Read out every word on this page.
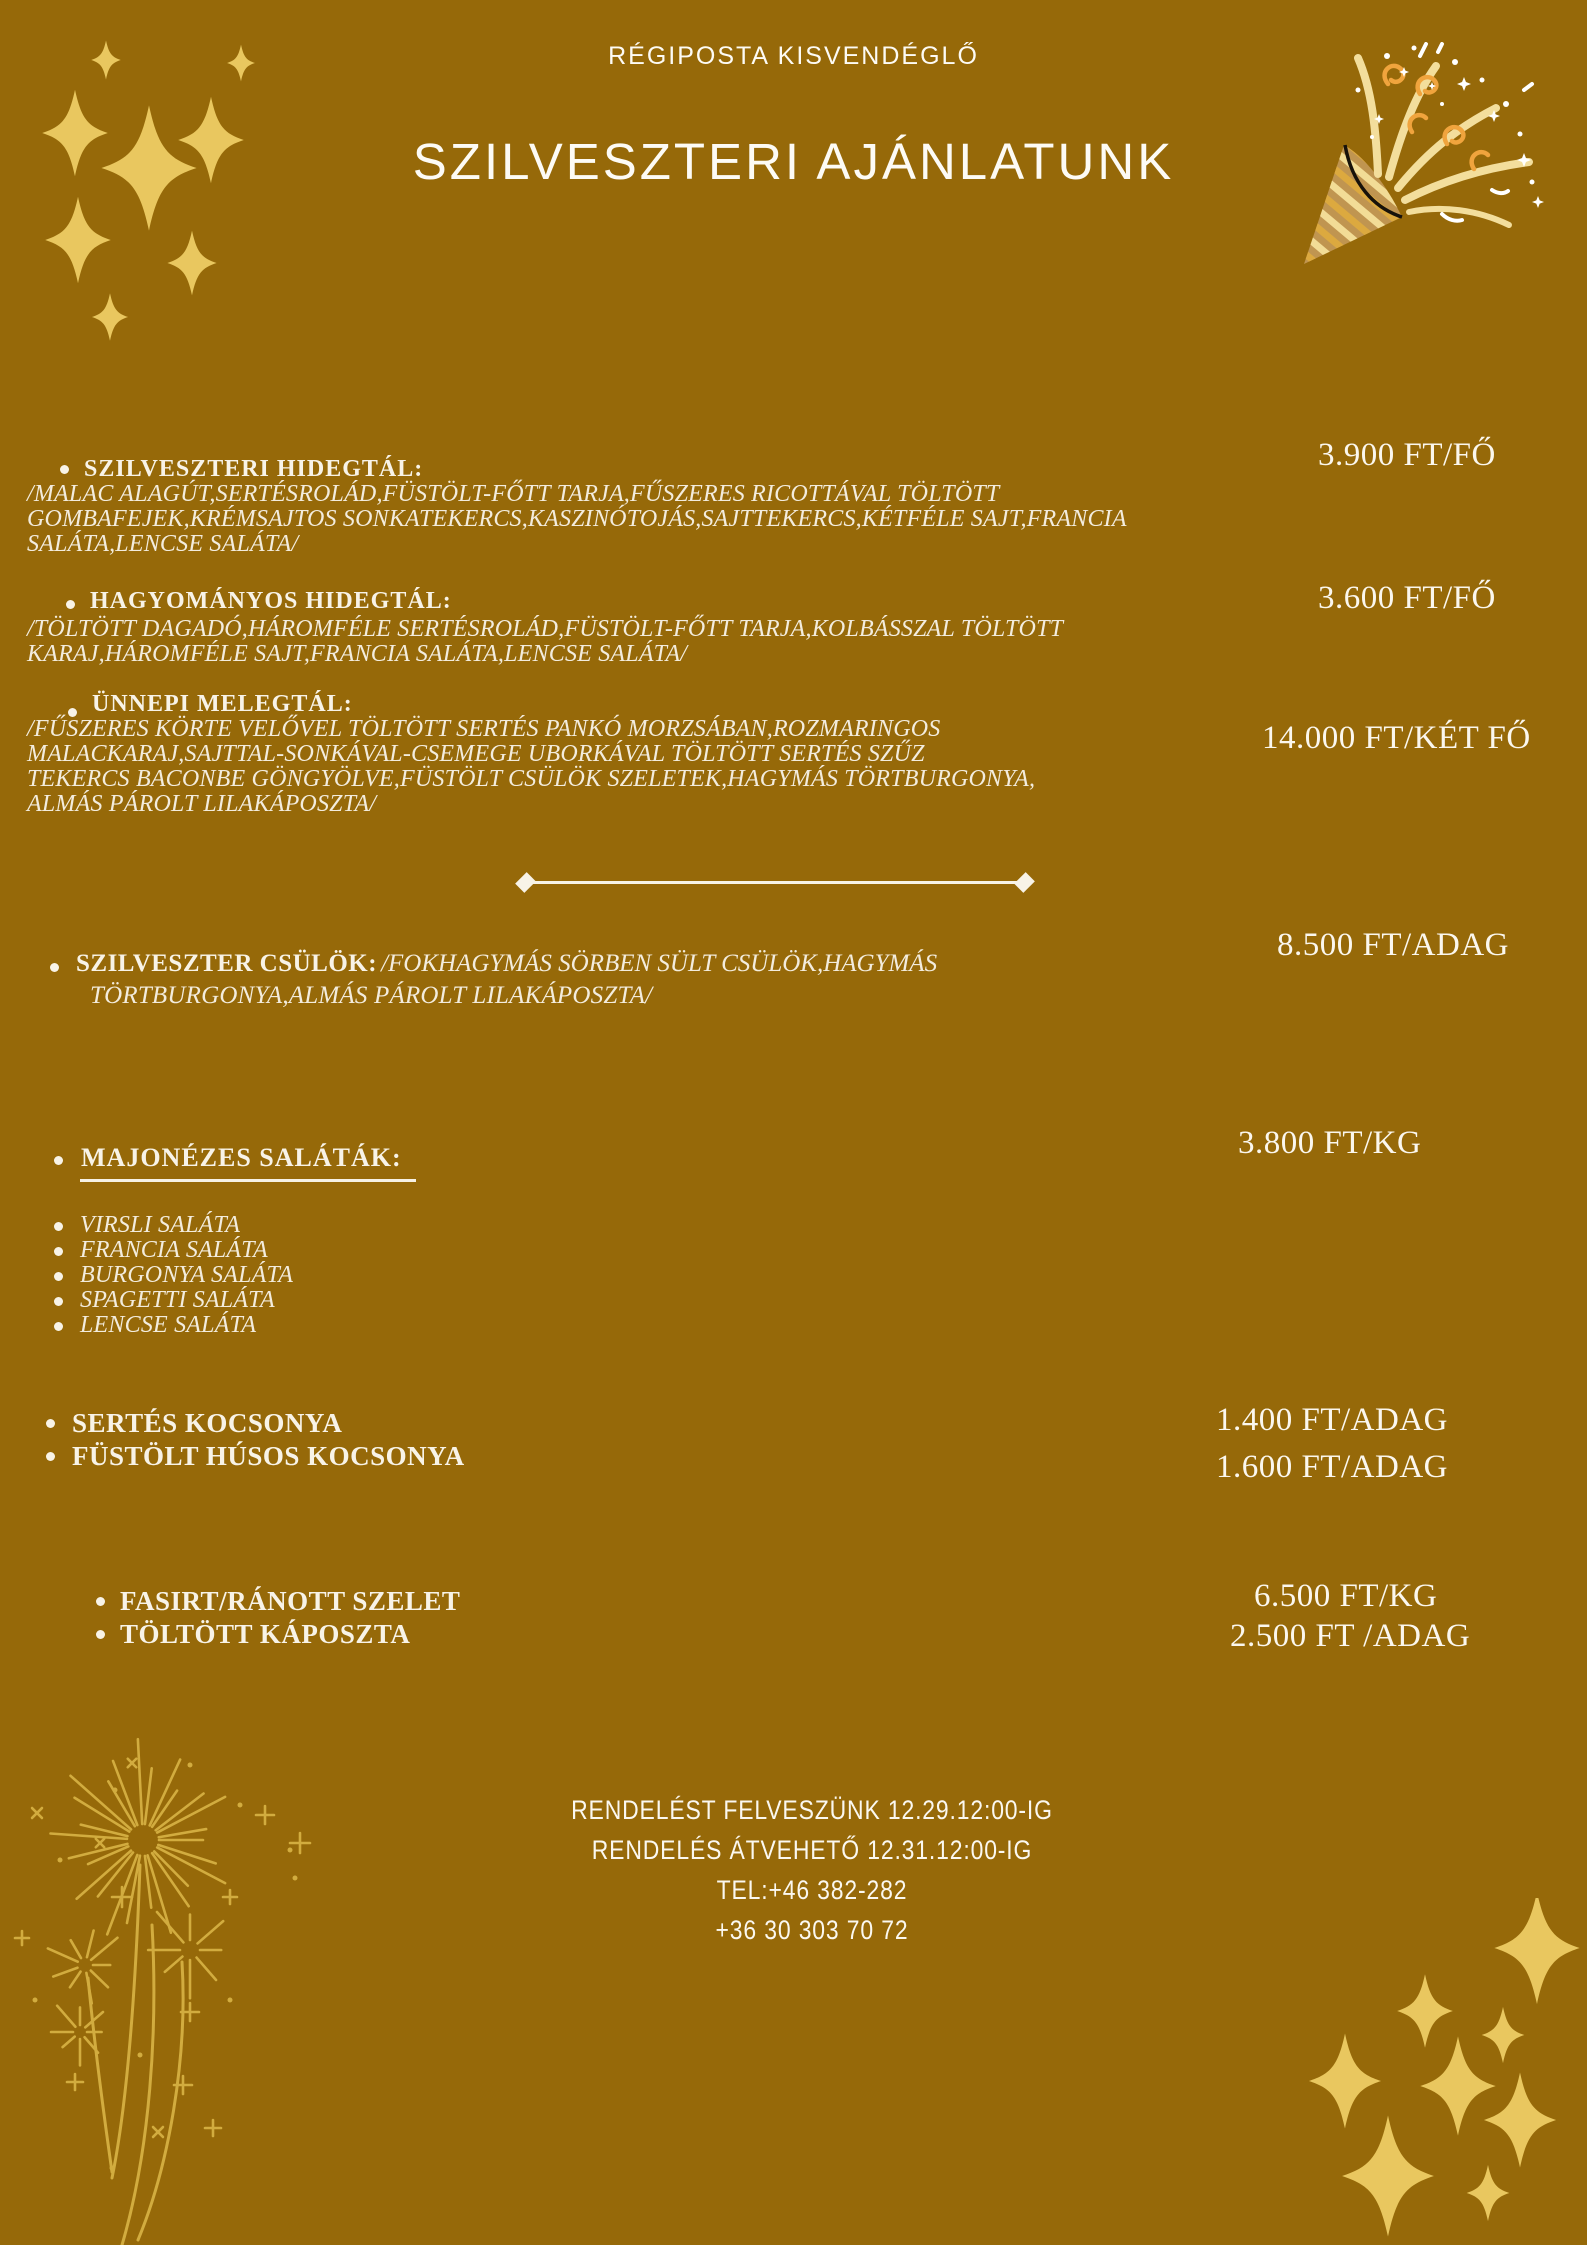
RÉGIPOSTA KISVENDÉGLŐ
SZILVESZTERI AJÁNLATUNK
SZILVESZTERI HIDEGTÁL:
/MALAC ALAGÚT,SERTÉSROLÁD,FÜSTÖLT-FŐTT TARJA,FŰSZERES RICOTTÁVAL TÖLTÖTT
GOMBAFEJEK,KRÉMSAJTOS SONKATEKERCS,KASZINÓTOJÁS,SAJTTEKERCS,KÉTFÉLE SAJT,FRANCIA
SALÁTA,LENCSE SALÁTA/
3.900 FT/FŐ
HAGYOMÁNYOS HIDEGTÁL:
/TÖLTÖTT DAGADÓ,HÁROMFÉLE SERTÉSROLÁD,FÜSTÖLT-FŐTT TARJA,KOLBÁSSZAL TÖLTÖTT
KARAJ,HÁROMFÉLE SAJT,FRANCIA SALÁTA,LENCSE SALÁTA/
3.600 FT/FŐ
ÜNNEPI MELEGTÁL:
/FŰSZERES KÖRTE VELŐVEL TÖLTÖTT SERTÉS PANKÓ MORZSÁBAN,ROZMARINGOS
MALACKARAJ,SAJTTAL-SONKÁVAL-CSEMEGE UBORKÁVAL TÖLTÖTT SERTÉS SZŰZ
TEKERCS BACONBE GÖNGYÖLVE,FÜSTÖLT CSÜLÖK SZELETEK,HAGYMÁS TÖRTBURGONYA,
ALMÁS PÁROLT LILAKÁPOSZTA/
14.000 FT/KÉT FŐ
SZILVESZTER CSÜLÖK: /FOKHAGYMÁS SÖRBEN SÜLT CSÜLÖK,HAGYMÁS
TÖRTBURGONYA,ALMÁS PÁROLT LILAKÁPOSZTA/
8.500 FT/ADAG
MAJONÉZES SALÁTÁK:	3.800 FT/KG
VIRSLI SALÁTA
FRANCIA SALÁTA
BURGONYA SALÁTA
SPAGETTI SALÁTA
LENCSE SALÁTA
SERTÉS KOCSONYA	1.400 FT/ADAG
FÜSTÖLT HÚSOS KOCSONYA	1.600 FT/ADAG
FASIRT/RÁNOTT SZELET	6.500 FT/KG
TÖLTÖTT KÁPOSZTA	2.500 FT /ADAG
RENDELÉST FELVESZÜNK 12.29.12:00-IG
RENDELÉS ÁTVEHETŐ 12.31.12:00-IG
TEL:+46 382-282
+36 30 303 70 72
